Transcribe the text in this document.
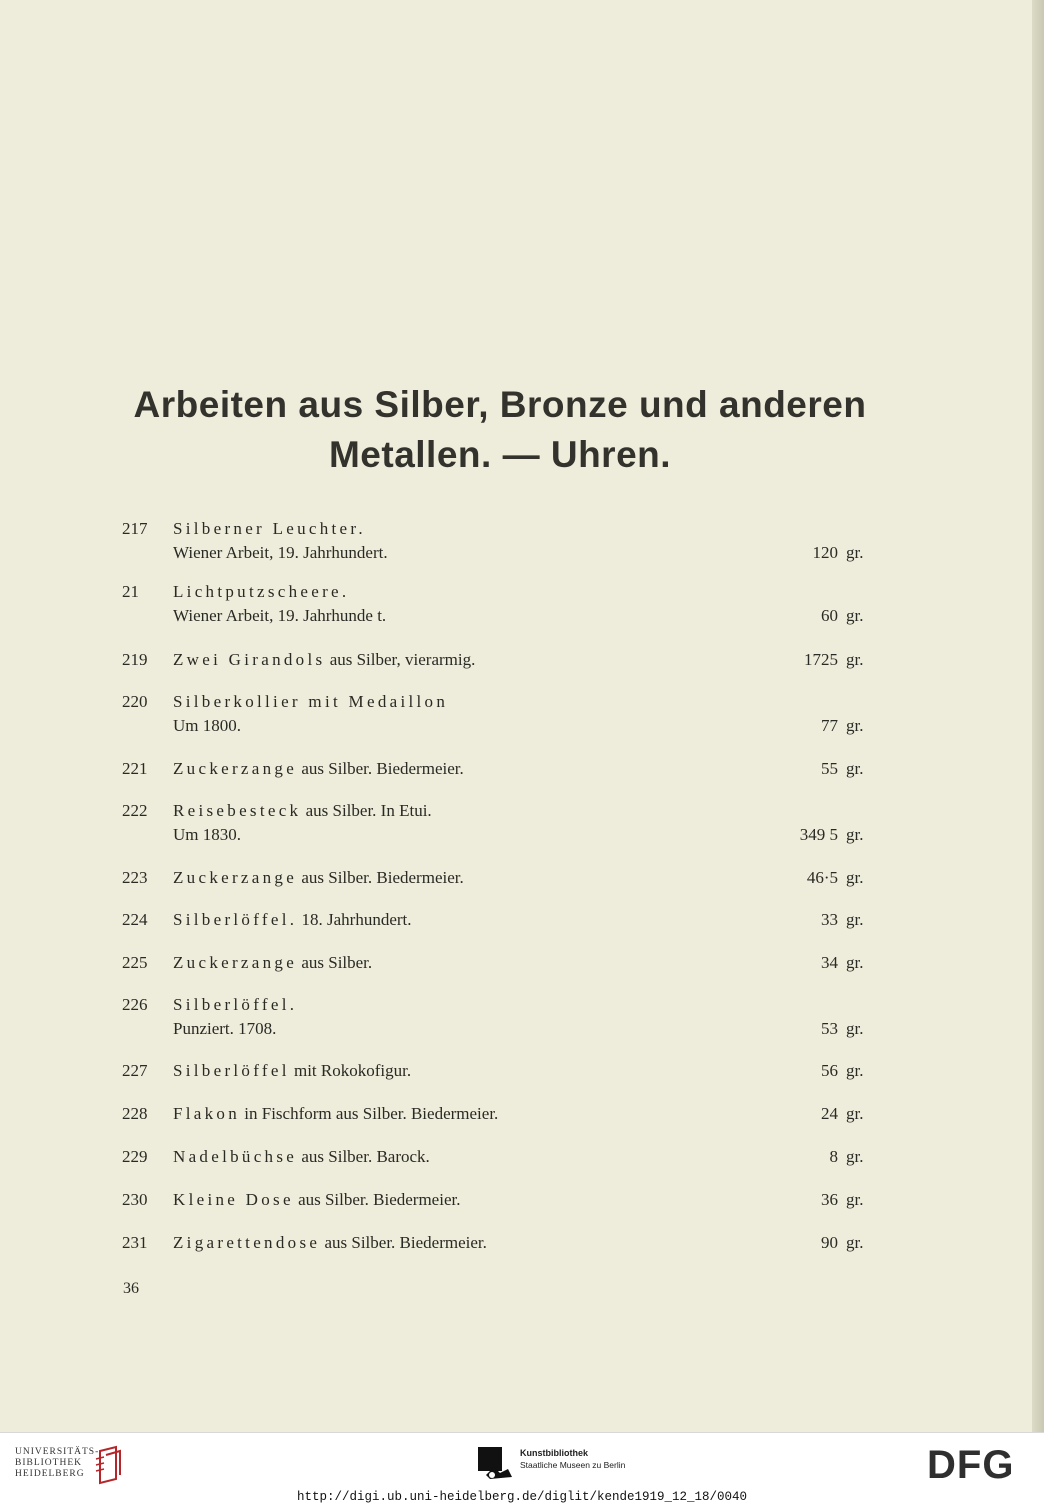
Arbeiten aus Silber, Bronze und anderen
Metallen. — Uhren.
217 Silberner Leuchter.
Wiener Arbeit, 19. Jahrhundert.	120 gr.
21 Lichtputzscheere.
Wiener Arbeit, 19. Jahrhunde t.	60 gr.
219 Zwei Girandols aus Silber, vierarmig.	1725 gr.
220 Silberkollier mit Medaillon
Um 1800.	77 gr.
221 Zuckerzange aus Silber. Biedermeier.	55 gr.
222 Reisebesteck aus Silber. In Etui.
Um 1830.	349 5 gr.
223 Zuckerzange aus Silber. Biedermeier.	46·5 gr.
224 Silberlöffel. 18. Jahrhundert.	33 gr.
225 Zuckerzange aus Silber.	34 gr.
226 Silberlöffel.
Punziert. 1708.	53 gr.
227 Silberlöffel mit Rokokofigur.	56 gr.
228 Flakon in Fischform aus Silber. Biedermeier.	24 gr.
229 Nadelbüchse aus Silber. Barock.	8 gr.
230 Kleine Dose aus Silber. Biedermeier.	36 gr.
231 Zigarettendose aus Silber. Biedermeier.	90 gr.
36
UNIVERSITÄTS-
BIBLIOTHEK
HEIDELBERG
Kunstbibliothek
Staatliche Museen zu Berlin	DFG
http://digi.ub.uni-heidelberg.de/diglit/kende1919_12_18/0040
